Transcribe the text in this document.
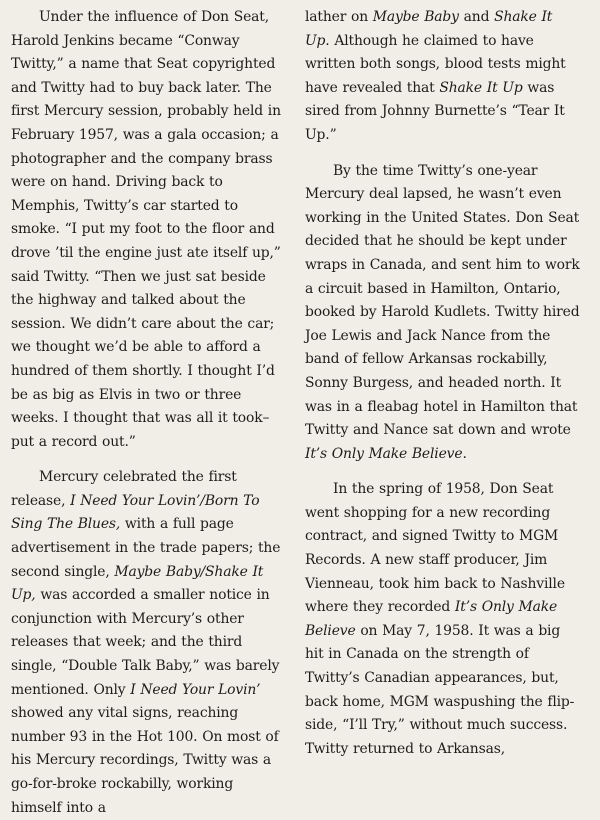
Under the influence of Don Seat, Harold Jenkins became “Conway Twitty,” a name that Seat copyrighted and Twitty had to buy back later. The first Mercury session, probably held in February 1957, was a gala occasion; a photographer and the company brass were on hand. Driving back to Memphis, Twitty’s car started to smoke. “I put my foot to the floor and drove ’til the engine just ate itself up,” said Twitty. “Then we just sat beside the highway and talked about the session. We didn’t care about the car; we thought we’d be able to afford a hundred of them shortly. I thought I’d be as big as Elvis in two or three weeks. I thought that was all it took–put a record out.”

Mercury celebrated the first release, I Need Your Lovin’/Born To Sing The Blues, with a full page advertisement in the trade papers; the second single, Maybe Baby/Shake It Up, was accorded a smaller notice in conjunction with Mercury’s other releases that week; and the third single, “Double Talk Baby,” was barely mentioned. Only I Need Your Lovin’ showed any vital signs, reaching number 93 in the Hot 100. On most of his Mercury recordings, Twitty was a go-for-broke rockabilly, working himself into a

lather on Maybe Baby and Shake It Up. Although he claimed to have written both songs, blood tests might have revealed that Shake It Up was sired from Johnny Burnette’s “Tear It Up.”

By the time Twitty’s one-year Mercury deal lapsed, he wasn’t even working in the United States. Don Seat decided that he should be kept under wraps in Canada, and sent him to work a circuit based in Hamilton, Ontario, booked by Harold Kudlets. Twitty hired Joe Lewis and Jack Nance from the band of fellow Arkansas rockabilly, Sonny Burgess, and headed north. It was in a fleabag hotel in Hamilton that Twitty and Nance sat down and wrote It’s Only Make Believe.

In the spring of 1958, Don Seat went shopping for a new recording contract, and signed Twitty to MGM Records. A new staff producer, Jim Vienneau, took him back to Nashville where they recorded It’s Only Make Believe on May 7, 1958. It was a big hit in Canada on the strength of Twitty’s Canadian appearances, but, back home, MGM waspushing the flip-side, “I’ll Try,” without much success. Twitty returned to Arkansas,
